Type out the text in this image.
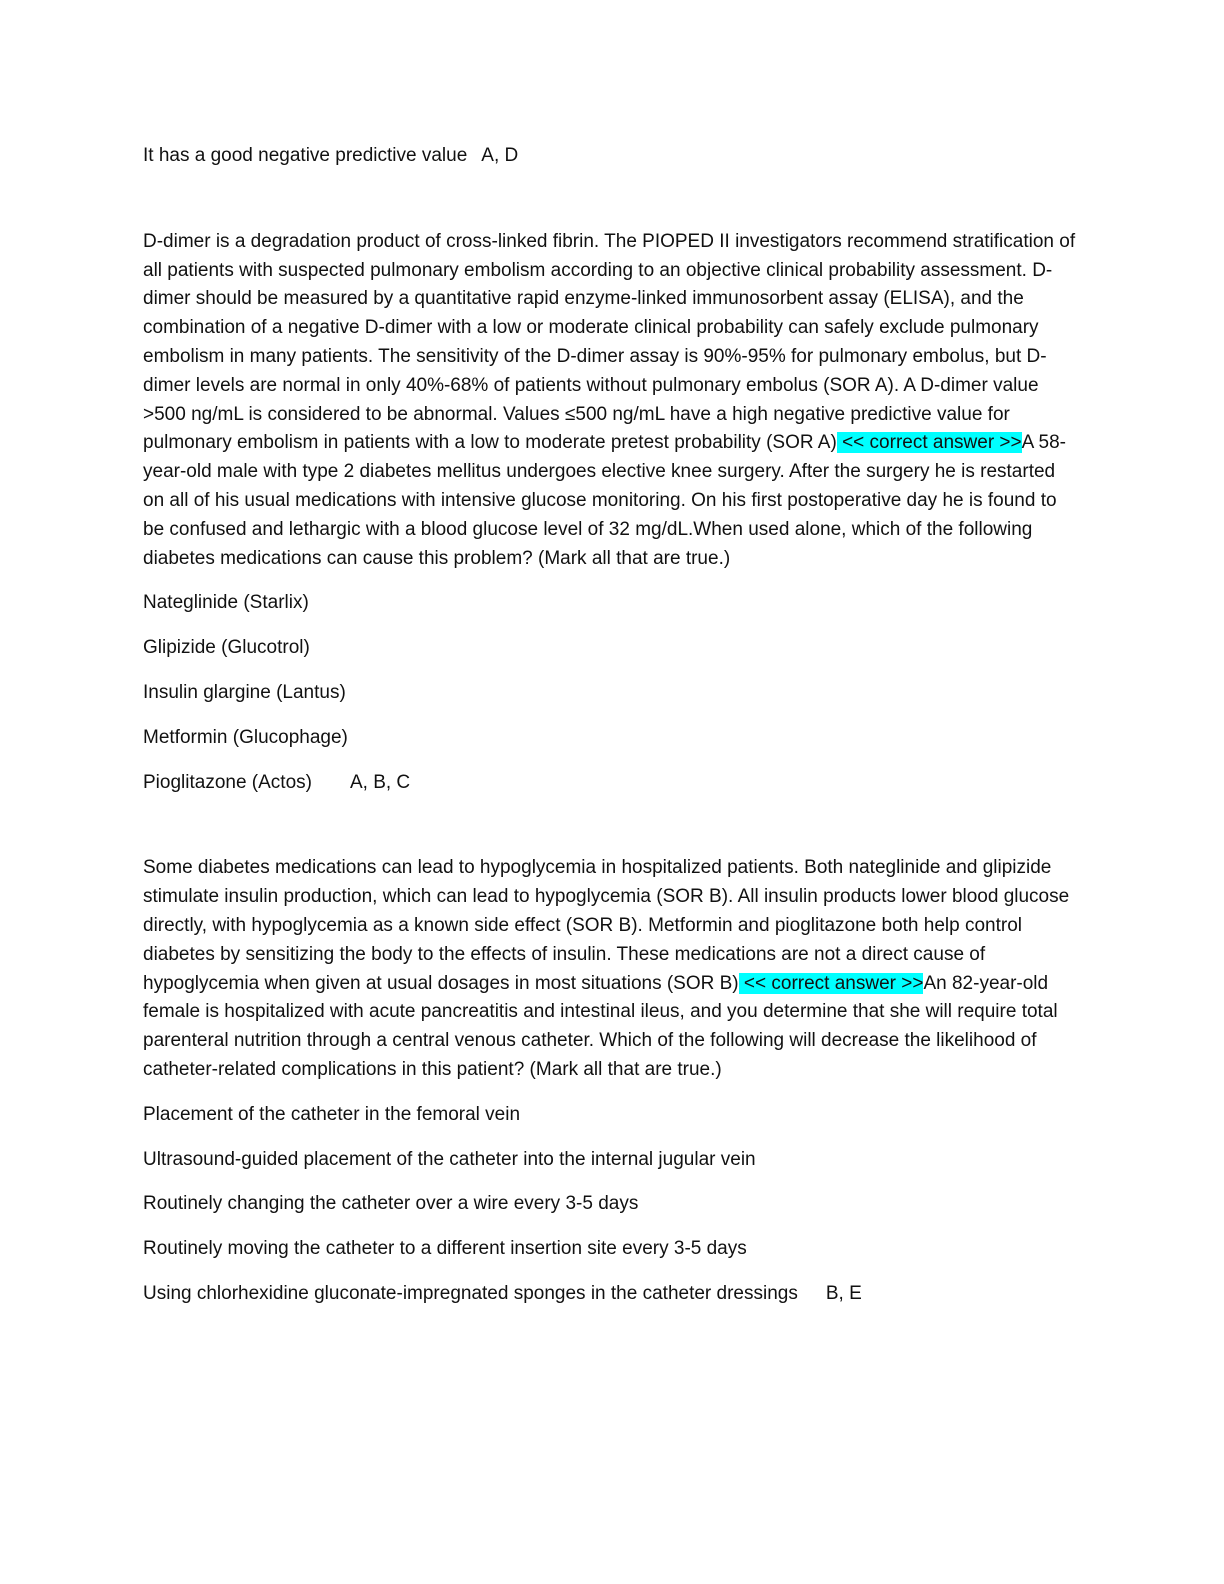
It has a good negative predictive value A, D

D-dimer is a degradation product of cross-linked fibrin. The PIOPED II investigators recommend stratification of all patients with suspected pulmonary embolism according to an objective clinical probability assessment. D-dimer should be measured by a quantitative rapid enzyme-linked immunosorbent assay (ELISA), and the combination of a negative D-dimer with a low or moderate clinical probability can safely exclude pulmonary embolism in many patients. The sensitivity of the D-dimer assay is 90%-95% for pulmonary embolus, but D-dimer levels are normal in only 40%-68% of patients without pulmonary embolus (SOR A). A D-dimer value >500 ng/mL is considered to be abnormal. Values ≤500 ng/mL have a high negative predictive value for pulmonary embolism in patients with a low to moderate pretest probability (SOR A) << correct answer >>A 58-year-old male with type 2 diabetes mellitus undergoes elective knee surgery. After the surgery he is restarted on all of his usual medications with intensive glucose monitoring. On his first postoperative day he is found to be confused and lethargic with a blood glucose level of 32 mg/dL.When used alone, which of the following diabetes medications can cause this problem? (Mark all that are true.)

Nateglinide (Starlix)

Glipizide (Glucotrol)

Insulin glargine (Lantus)

Metformin (Glucophage)

Pioglitazone (Actos) A, B, C

Some diabetes medications can lead to hypoglycemia in hospitalized patients. Both nateglinide and glipizide stimulate insulin production, which can lead to hypoglycemia (SOR B). All insulin products lower blood glucose directly, with hypoglycemia as a known side effect (SOR B). Metformin and pioglitazone both help control diabetes by sensitizing the body to the effects of insulin. These medications are not a direct cause of hypoglycemia when given at usual dosages in most situations (SOR B) << correct answer >>An 82-year-old female is hospitalized with acute pancreatitis and intestinal ileus, and you determine that she will require total parenteral nutrition through a central venous catheter. Which of the following will decrease the likelihood of catheter-related complications in this patient? (Mark all that are true.)

Placement of the catheter in the femoral vein

Ultrasound-guided placement of the catheter into the internal jugular vein

Routinely changing the catheter over a wire every 3-5 days

Routinely moving the catheter to a different insertion site every 3-5 days

Using chlorhexidine gluconate-impregnated sponges in the catheter dressings B, E
